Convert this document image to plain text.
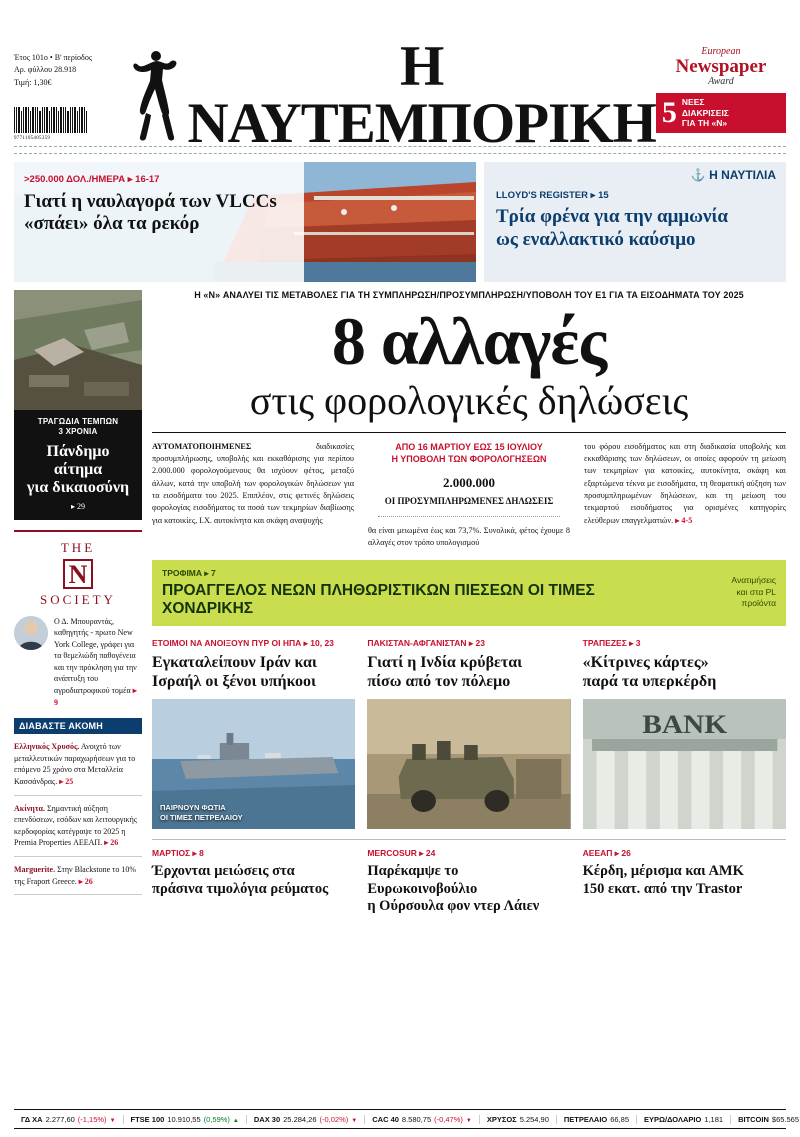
Έτος 101ο • Β' περίοδος
Αρ. φύλλου 28.918
Τιμή: 1,30€
9771105405359
Η ΝΑΥΤΕΜΠΟΡΙΚΗ
European
Newspaper
Award
5 ΝΕΕΣ
ΔΙΑΚΡΙΣΕΙΣ
ΓΙΑ ΤΗ «N»
>250.000 ΔΟΛ./ΗΜΕΡΑ ▸ 16-17
Γιατί η ναυλαγορά των VLCCs
«σπάει» όλα τα ρεκόρ
⚓ Η ΝΑΥΤΙΛΙΑ
LLOYD'S REGISTER ▸ 15
Τρία φρένα για την αμμωνία
ως εναλλακτικό καύσιμο
ΤΡΑΓΩΔΙΑ ΤΕΜΠΩΝ
3 ΧΡΟΝΙΑ
Πάνδημο
αίτημα
για δικαιοσύνη
▸ 29
THE
N
SOCIETY
Ο Δ. Μπουραντάς, καθηγητής - πρωτο New York College, γράφει για τα θεμελιώδη παθογένεια και την πρόκληση για την ανάπτυξη του αγροδιατροφικού τομέα ▸ 9
ΔΙΑΒΑΣΤΕ ΑΚΟΜΗ
Ελληνικός Χρυσός. Ανοιχτό των μεταλλευτικών παραχωρήσεων για το επόμενο 25 χρόνο στα Μεταλλεία Κασσάνδρας. ▸ 25
Ακίνητα. Σημαντική αύξηση επενδύσεων, εσόδων και λειτουργικής κερδοφορίας κατέγραψε το 2025 η Premia Properties ΑΕΕΑΠ. ▸ 26
Marguerite. Στην Blackstone το 10% της Fraport Greece. ▸ 26
Η «N» ΑΝΑΛΥΕΙ ΤΙΣ ΜΕΤΑΒΟΛΕΣ ΓΙΑ ΤΗ ΣΥΜΠΛΗΡΩΣΗ/ΠΡΟΣΥΜΠΛΗΡΩΣΗ/ΥΠΟΒΟΛΗ ΤΟΥ Ε1 ΓΙΑ ΤΑ ΕΙΣΟΔΗΜΑΤΑ ΤΟΥ 2025
8 αλλαγές
στις φορολογικές δηλώσεις
ΑΥΤΟΜΑΤΟΠΟΙΗΜΕΝΕΣ διαδικασίες προσυμπλήρωσης, υποβολής και εκκαθάρισης για περίπου 2.000.000 φορολογούμενους θα ισχύουν φέτος, μεταξύ άλλων, κατά την υποβολή των φορολογικών δηλώσεων για τα εισοδήματα του 2025. Επιπλέον, στις φετινές δηλώσεις φορολογίας εισοδήματος τα ποσά των τεκμηρίων διαβίωσης για κατοικίες, Ι.Χ. αυτοκίνητα και σκάφη αναψυχής
ΑΠΟ 16 ΜΑΡΤΙΟΥ ΕΩΣ 15 ΙΟΥΛΙΟΥ
Η ΥΠΟΒΟΛΗ ΤΩΝ ΦΟΡΟΛΟΓΗΣΕΩΝ
2.000.000
ΟΙ ΠΡΟΣΥΜΠΛΗΡΩΜΕΝΕΣ ΔΗΛΩΣΕΙΣ
θα είναι μειωμένα έως και 73,7%. Συνολικά, φέτος έχουμε 8 αλλαγές στον τρόπο υπολογισμού
του φόρου εισοδήματος και στη διαδικασία υποβολής και εκκαθάρισης των δηλώσεων, οι οποίες αφορούν τη μείωση των τεκμηρίων για κατοικίες, αυτοκίνητα, σκάφη και εξαρτώμενα τέκνα με εισοδήματα, τη θεαματική αύξηση των προσυμπληρωμένων δηλώσεων, και τη μείωση του τεκμαρτού εισοδήματος για ορισμένες κατηγορίες ελεύθερων επαγγελματιών. ▸ 4-5
ΤΡΟΦΙΜΑ ▸ 7
ΠΡΟΑΓΓΕΛΟΣ ΝΕΩΝ ΠΛΗΘΩΡΙΣΤΙΚΩΝ ΠΙΕΣΕΩΝ ΟΙ ΤΙΜΕΣ ΧΟΝΔΡΙΚΗΣ
Ανατιμήσεις
και στα PL
προϊόντα
ΕΤΟΙΜΟΙ ΝΑ ΑΝΟΙΞΟΥΝ ΠΥΡ ΟΙ ΗΠΑ ▸ 10, 23
Εγκαταλείπουν Ιράν και
Ισραήλ οι ξένοι υπήκοοι
ΠΑΙΡΝΟΥΝ ΦΩΤΙΑ
ΟΙ ΤΙΜΕΣ ΠΕΤΡΕΛΑΙΟΥ
ΠΑΚΙΣΤΑΝ-ΑΦΓΑΝΙΣΤΑΝ ▸ 23
Γιατί η Ινδία κρύβεται
πίσω από τον πόλεμο
ΤΡΑΠΕΖΕΣ ▸ 3
«Κίτρινες κάρτες»
παρά τα υπερκέρδη
BANK
ΜΑΡΤΙΟΣ ▸ 8
Έρχονται μειώσεις στα
πράσινα τιμολόγια ρεύματος
MERCOSUR ▸ 24
Παρέκαμψε το Ευρωκοινοβούλιο
η Ούρσουλα φον ντερ Λάιεν
ΑΕΕΑΠ ▸ 26
Κέρδη, μέρισμα και ΑΜΚ
150 εκατ. από την Trastor
ΓΔ ΧΑ 2.277,60 (-1,15%) ▼	FTSE 100 10.910,55 (0,59%) ▲	DAX 30 25.284,26 (-0,02%) ▼	CAC 40 8.580,75 (-0,47%) ▼	ΧΡΥΣΟΣ 5.254,90 ΠΕΤΡΕΛΑΙΟ 66,85 ΕΥΡΩ/ΔΟΛΑΡΙΟ 1,181 BITCOIN $65.565
